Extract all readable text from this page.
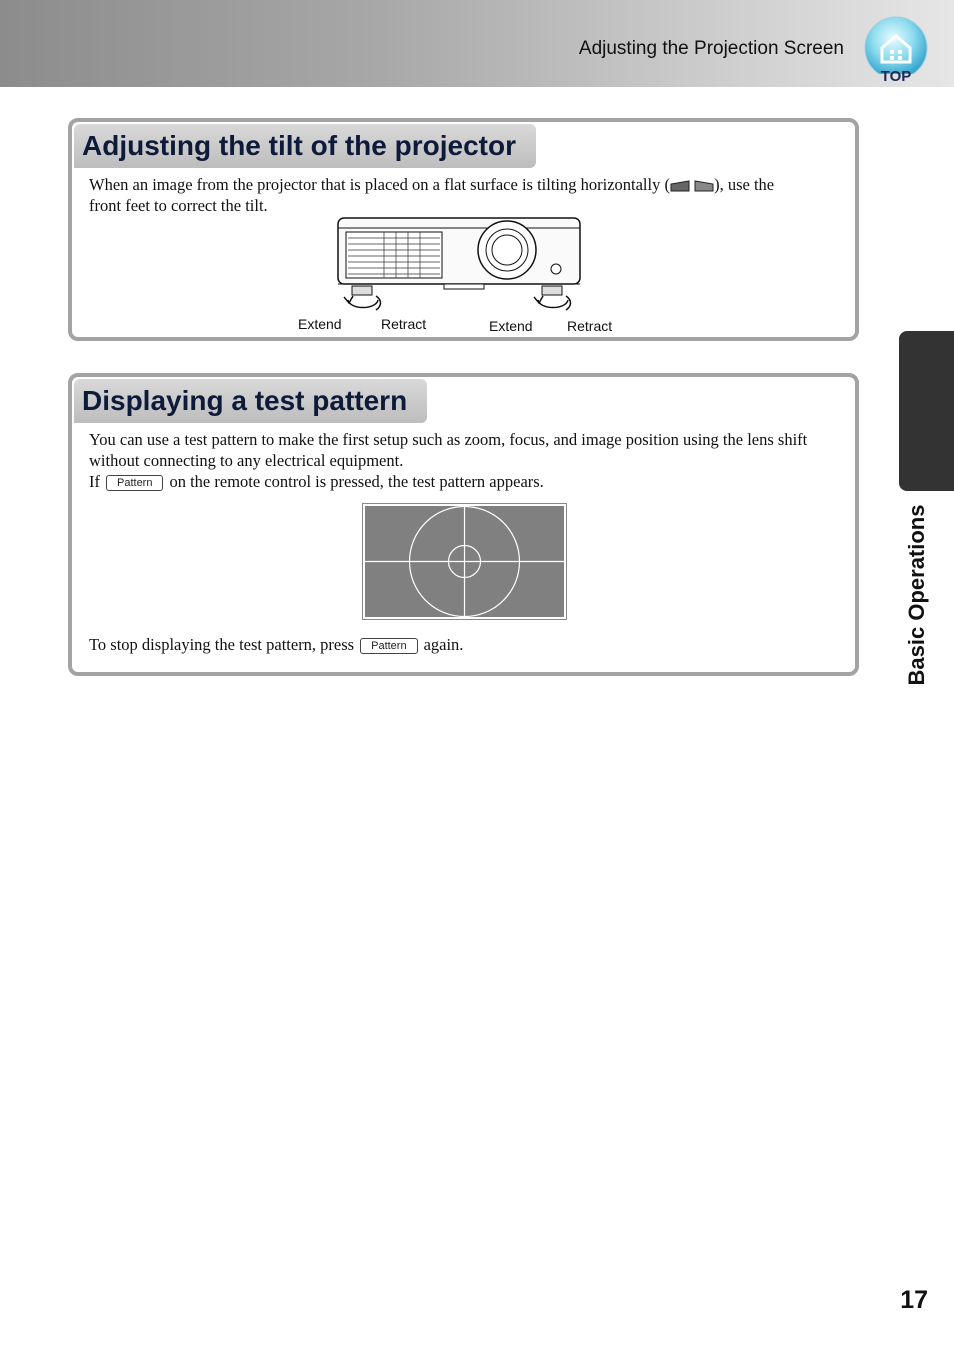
Adjusting the Projection Screen
TOP
Basic Operations
Adjusting the tilt of the projector
When an image from the projector that is placed on a flat surface is tilting horizontally (	), use the
front feet to correct the tilt.
Extend	Retract	Extend Retract
Displaying a test pattern
You can use a test pattern to make the first setup such as zoom, focus, and image position using the lens shift without connecting to any electrical equipment.
If Pattern on the remote control is pressed, the test pattern appears.
To stop displaying the test pattern, press Pattern again.
17
